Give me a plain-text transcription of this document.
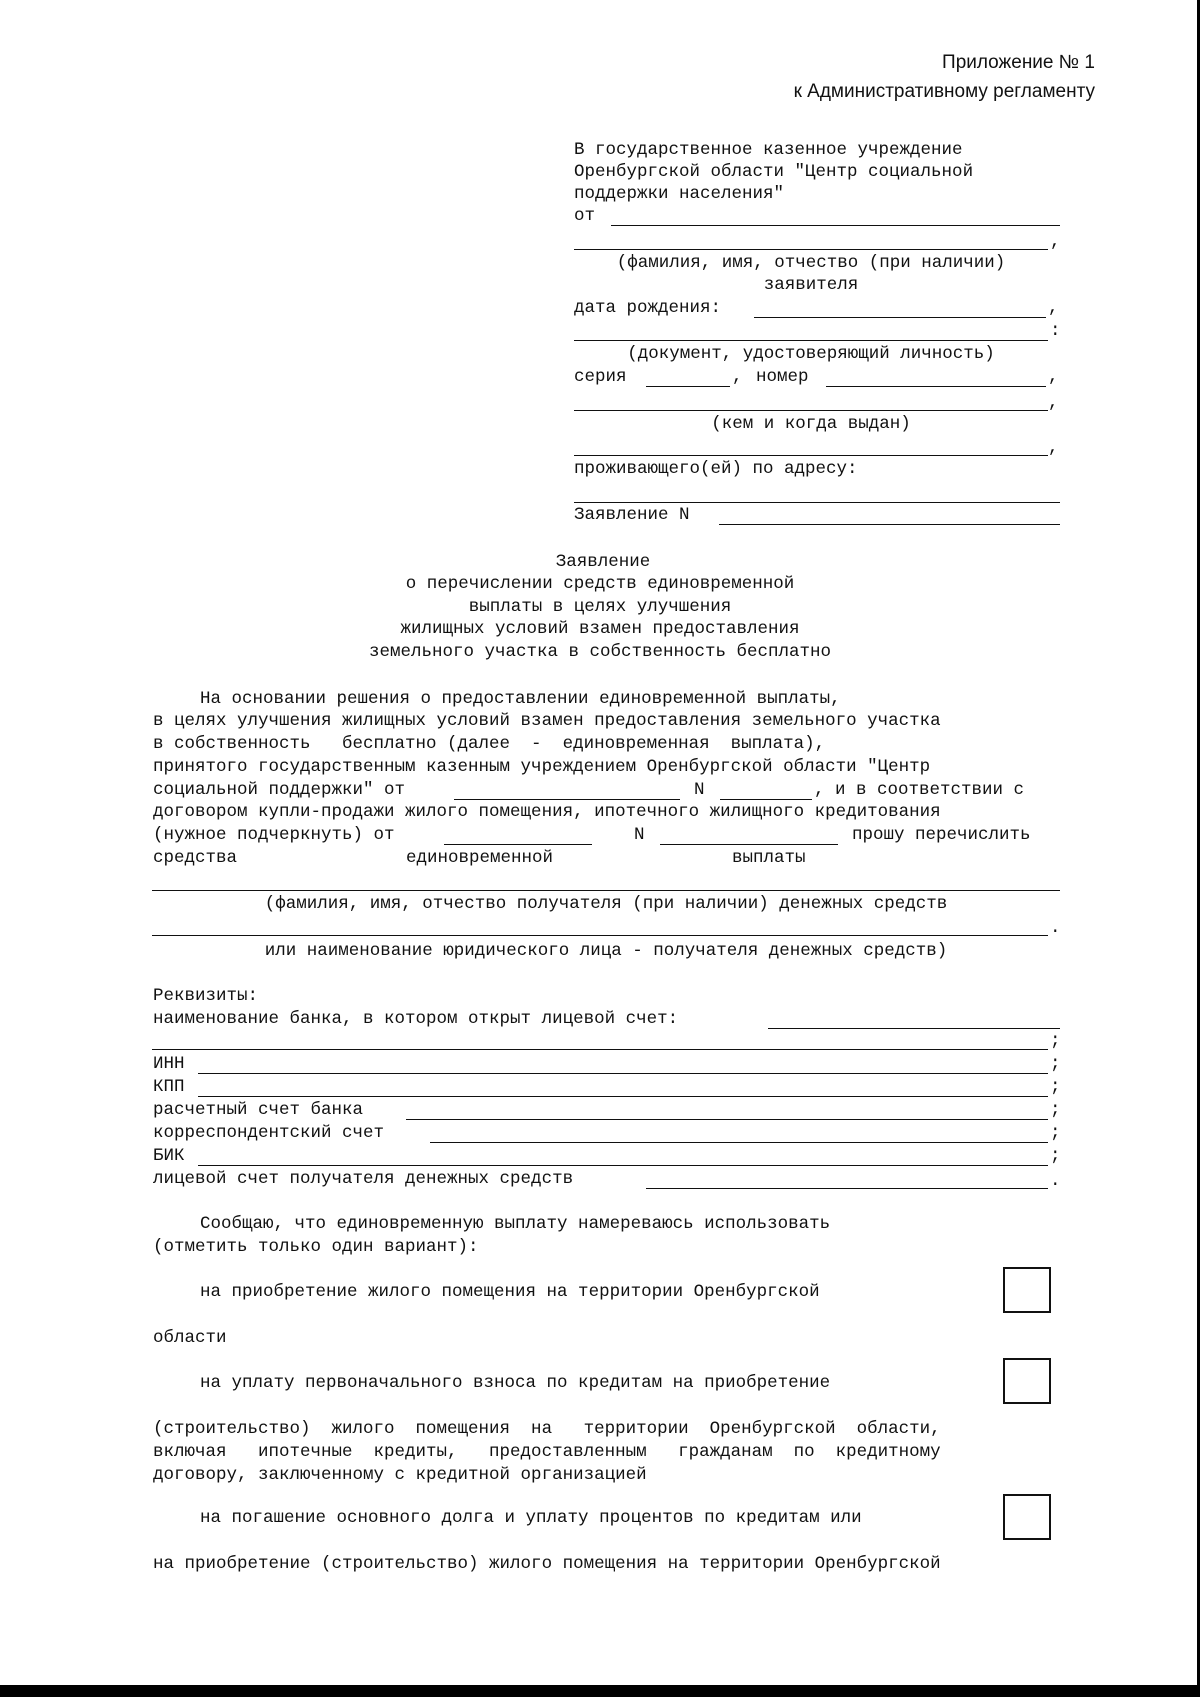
Приложение № 1
к Административному регламенту
В государственное казенное учреждение
Оренбургской области "Центр социальной
поддержки населения"
от
,
(фамилия, имя, отчество (при наличии)
заявителя
дата рождения:	,
:
(документ, удостоверяющий личность)
серия	, номер	,
,
(кем и когда выдан)
,
проживающего(ей) по адресу:
Заявление N
Заявление
о перечислении средств единовременной
выплаты в целях улучшения
жилищных условий взамен предоставления
земельного участка в собственность бесплатно
На основании решения о предоставлении единовременной выплаты,
в целях улучшения жилищных условий взамен предоставления земельного участка
в собственность   бесплатно (далее  -  единовременная  выплата),
принятого государственным казенным учреждением Оренбургской области "Центр
социальной поддержки" от	N	, и в соответствии с
договором купли-продажи жилого помещения, ипотечного жилищного кредитования
(нужное подчеркнуть) от	N	прошу перечислить
средства	единовременной	выплаты
(фамилия, имя, отчество получателя (при наличии) денежных средств
.
или наименование юридического лица - получателя денежных средств)
Реквизиты:
наименование банка, в котором открыт лицевой счет:
;
ИНН	;
КПП	;
расчетный счет банка	;
корреспондентский счет	;
БИК	;
лицевой счет получателя денежных средств	.
Сообщаю, что единовременную выплату намереваюсь использовать
(отметить только один вариант):
на приобретение жилого помещения на территории Оренбургской
области
на уплату первоначального взноса по кредитам на приобретение
(строительство)  жилого  помещения  на   территории  Оренбургской  области,
включая   ипотечные  кредиты,   предоставленным   гражданам  по  кредитному
договору, заключенному с кредитной организацией
на погашение основного долга и уплату процентов по кредитам или
на приобретение (строительство) жилого помещения на территории Оренбургской
